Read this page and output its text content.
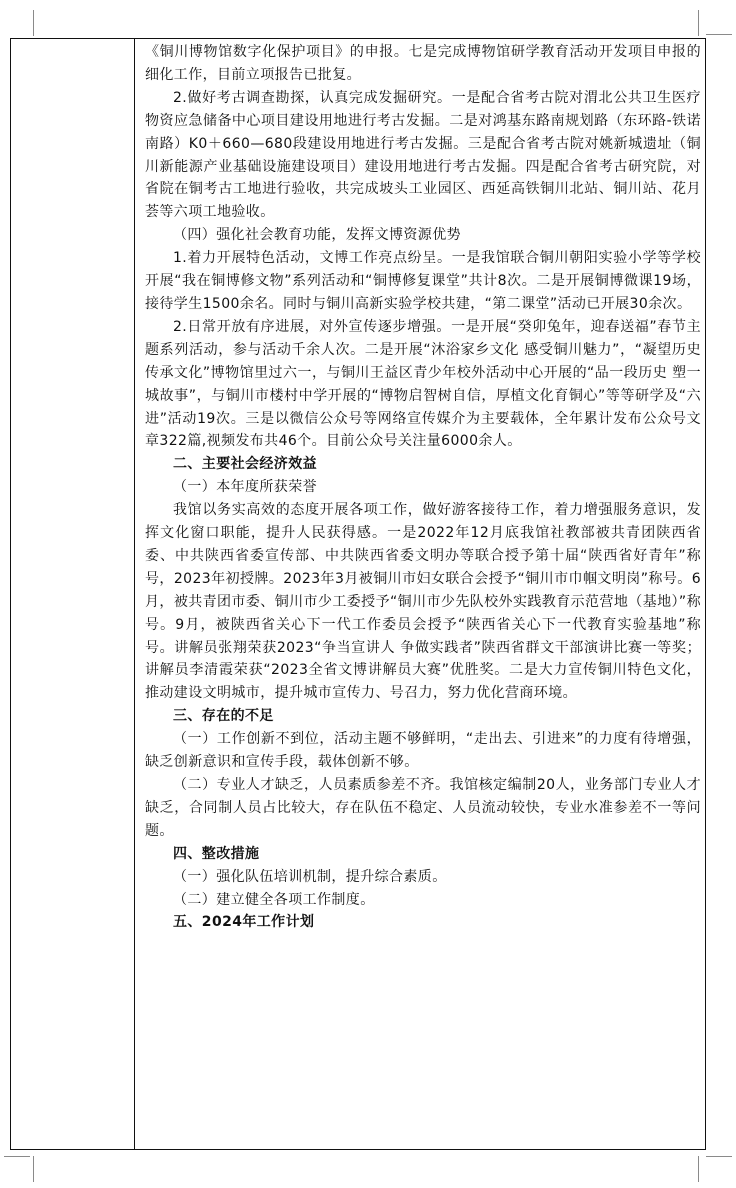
《铜川博物馆数字化保护项目》的申报。七是完成博物馆研学教育活动开发项目申报的细化工作，目前立项报告已批复。

2.做好考古调查勘探，认真完成发掘研究。一是配合省考古院对渭北公共卫生医疗物资应急储备中心项目建设用地进行考古发掘。二是对鸿基东路南规划路（东环路-铁诺南路）K0＋660—680段建设用地进行考古发掘。三是配合省考古院对姚新城遗址（铜川新能源产业基础设施建设项目）建设用地进行考古发掘。四是配合省考古研究院，对省院在铜考古工地进行验收，共完成坡头工业园区、西延高铁铜川北站、铜川站、花月荟等六项工地验收。

（四）强化社会教育功能，发挥文博资源优势

1.着力开展特色活动，文博工作亮点纷呈。一是我馆联合铜川朝阳实验小学等学校开展“我在铜博修文物”系列活动和“铜博修复课堂”共计8次。二是开展铜博微课19场，接待学生1500余名。同时与铜川高新实验学校共建，“第二课堂”活动已开展30余次。

2.日常开放有序进展，对外宣传逐步增强。一是开展“癸卯兔年，迎春送福”春节主题系列活动，参与活动千余人次。二是开展“沐浴家乡文化 感受铜川魅力”，“凝望历史 传承文化”博物馆里过六一，与铜川王益区青少年校外活动中心开展的“品一段历史 塑一城故事”，与铜川市楼村中学开展的“博物启智树自信，厚植文化育铜心”等等研学及“六进”活动19次。三是以微信公众号等网络宣传媒介为主要载体，全年累计发布公众号文章322篇,视频发布共46个。目前公众号关注量6000余人。

二、主要社会经济效益

（一）本年度所获荣誉

我馆以务实高效的态度开展各项工作，做好游客接待工作，着力增强服务意识，发挥文化窗口职能，提升人民获得感。一是2022年12月底我馆社教部被共青团陕西省委、中共陕西省委宣传部、中共陕西省委文明办等联合授予第十届“陕西省好青年”称号，2023年初授牌。2023年3月被铜川市妇女联合会授予“铜川市巾帼文明岗”称号。6月，被共青团市委、铜川市少工委授予“铜川市少先队校外实践教育示范营地（基地）”称号。9月，被陕西省关心下一代工作委员会授予“陕西省关心下一代教育实验基地”称号。讲解员张翔荣获2023“争当宣讲人 争做实践者”陕西省群文干部演讲比赛一等奖；讲解员李清霞荣获“2023全省文博讲解员大赛”优胜奖。二是大力宣传铜川特色文化，推动建设文明城市，提升城市宣传力、号召力，努力优化营商环境。

三、存在的不足

（一）工作创新不到位，活动主题不够鲜明，“走出去、引进来”的力度有待增强，缺乏创新意识和宣传手段，载体创新不够。

（二）专业人才缺乏，人员素质参差不齐。我馆核定编制20人，业务部门专业人才缺乏，合同制人员占比较大，存在队伍不稳定、人员流动较快，专业水准参差不一等问题。

四、整改措施

（一）强化队伍培训机制，提升综合素质。

（二）建立健全各项工作制度。

五、2024年工作计划
